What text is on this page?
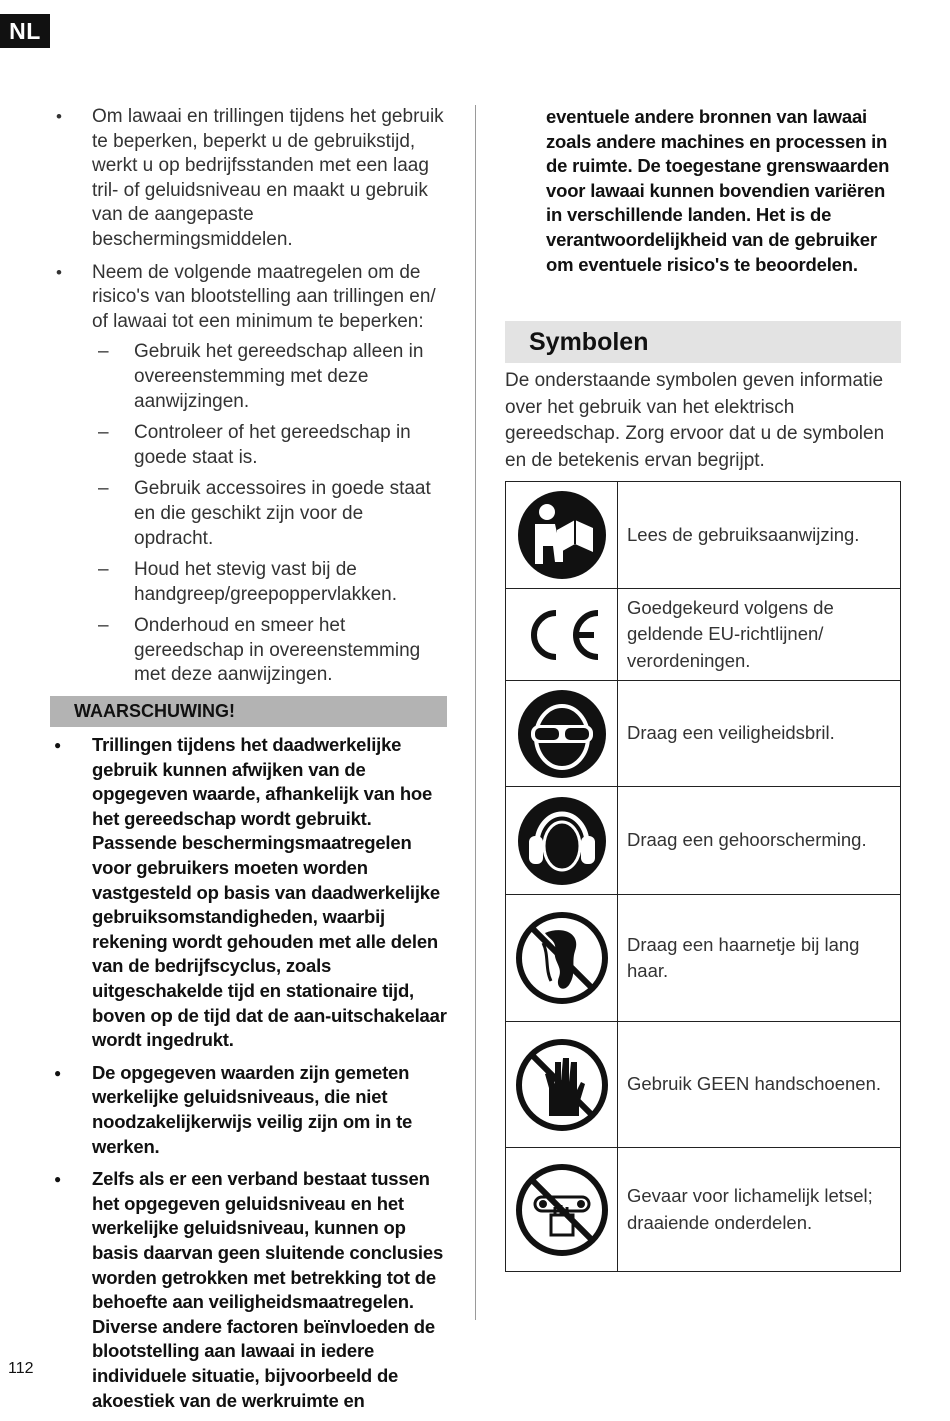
NL
• Om lawaai en trillingen tijdens het gebruik te beperken, beperkt u de gebruikstijd, werkt u op bedrijfsstanden met een laag tril- of geluidsniveau en maakt u gebruik van de aangepaste beschermingsmiddelen.
• Neem de volgende maatregelen om de risico's van blootstelling aan trillingen en/ of lawaai tot een minimum te beperken:
– Gebruik het gereedschap alleen in overeenstemming met deze aanwijzingen.
– Controleer of het gereedschap in goede staat is.
– Gebruik accessoires in goede staat en die geschikt zijn voor de opdracht.
– Houd het stevig vast bij de handgreep/greepoppervlakken.
– Onderhoud en smeer het gereedschap in overeenstemming met deze aanwijzingen.
WAARSCHUWING!
● Trillingen tijdens het daadwerkelijke gebruik kunnen afwijken van de opgegeven waarde, afhankelijk van hoe het gereedschap wordt gebruikt. Passende beschermingsmaatregelen voor gebruikers moeten worden vastgesteld op basis van daadwerkelijke gebruiksomstandigheden, waarbij rekening wordt gehouden met alle delen van de bedrijfscyclus, zoals uitgeschakelde tijd en stationaire tijd, boven op de tijd dat de aan-uitschakelaar wordt ingedrukt.
● De opgegeven waarden zijn gemeten werkelijke geluidsniveaus, die niet noodzakelijkerwijs veilig zijn om in te werken.
● Zelfs als er een verband bestaat tussen het opgegeven geluidsniveau en het werkelijke geluidsniveau, kunnen op basis daarvan geen sluitende conclusies worden getrokken met betrekking tot de behoefte aan veiligheidsmaatregelen. Diverse andere factoren beïnvloeden de blootstelling aan lawaai in iedere individuele situatie, bijvoorbeeld de akoestiek van de werkruimte en
eventuele andere bronnen van lawaai zoals andere machines en processen in de ruimte. De toegestane grenswaarden voor lawaai kunnen bovendien variëren in verschillende landen. Het is de verantwoordelijkheid van de gebruiker om eventuele risico's te beoordelen.
Symbolen
De onderstaande symbolen geven informatie over het gebruik van het elektrisch gereedschap. Zorg ervoor dat u de symbolen en de betekenis ervan begrijpt.
	Lees de gebruiksaanwijzing.

	Goedgekeurd volgens de geldende EU-richtlijnen/ verordeningen.

	Draag een veiligheidsbril.

	Draag een gehoorscherming.

	Draag een haarnetje bij lang haar.

	Gebruik GEEN handschoenen.

	Gevaar voor lichamelijk letsel; draaiende onderdelen.
112
